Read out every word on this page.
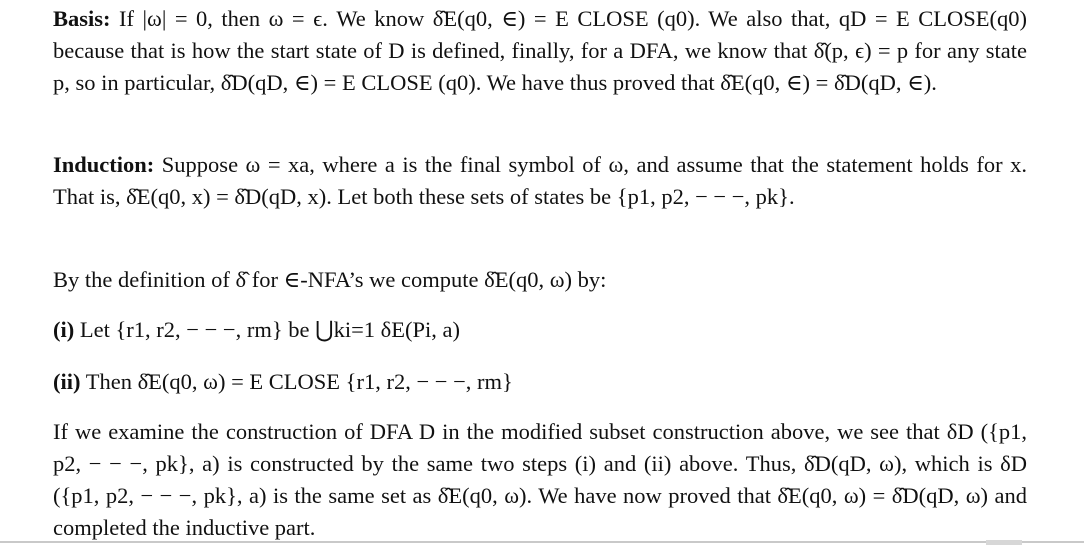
Basis: If |ω| = 0, then ω = ϵ. We know δ̂E(q0, ∈) = E CLOSE (q0). We also that, qD = E CLOSE(q0) because that is how the start state of D is defined, finally, for a DFA, we know that δ̂(p, ϵ) = p for any state p, so in particular, δ̂D(qD, ∈) = E CLOSE (q0). We have thus proved that δ̂E(q0, ∈) = δ̂D(qD, ∈).
Induction: Suppose ω = xa, where a is the final symbol of ω, and assume that the statement holds for x. That is, δ̂E(q0, x) = δ̂D(qD, x). Let both these sets of states be {p1, p2, − − −, pk}.
By the definition of δ̂ for ∈-NFA’s we compute δ̂E(q0, ω) by:
(i) Let {r1, r2, − − −, rm} be ⋃ki=1 δE(Pi, a)
(ii) Then δ̂E(q0, ω) = E CLOSE {r1, r2, − − −, rm}
If we examine the construction of DFA D in the modified subset construction above, we see that δD ({p1, p2, − − −, pk}, a) is constructed by the same two steps (i) and (ii) above. Thus, δ̂D(qD, ω), which is δD ({p1, p2, − − −, pk}, a) is the same set as δ̂E(q0, ω). We have now proved that δ̂E(q0, ω) = δ̂D(qD, ω) and completed the inductive part.
